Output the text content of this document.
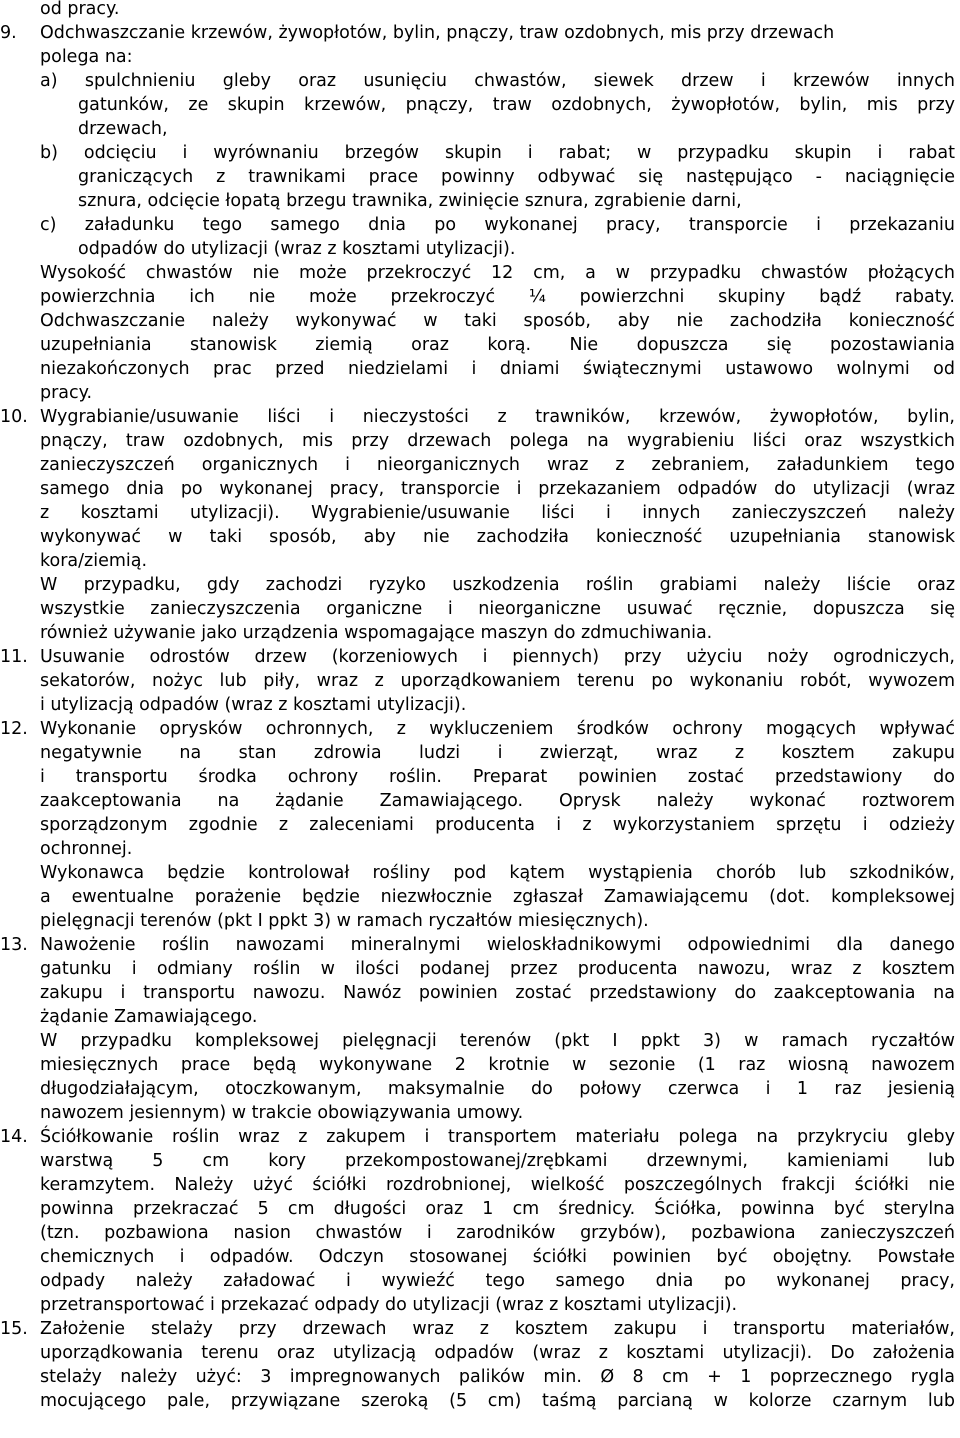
od pracy.
9. Odchwaszczanie krzewów, żywopłotów, bylin, pnączy, traw ozdobnych, mis przy drzewach
polega na:
a) spulchnieniu gleby oraz usunięciu chwastów, siewek drzew i krzewów innych
gatunków, ze skupin krzewów, pnączy, traw ozdobnych, żywopłotów, bylin, mis przy
drzewach,
b) odcięciu i wyrównaniu brzegów skupin i rabat; w przypadku skupin i rabat
graniczących z trawnikami prace powinny odbywać się następująco - naciągnięcie
sznura, odcięcie łopatą brzegu trawnika, zwinięcie sznura, zgrabienie darni,
c) załadunku tego samego dnia po wykonanej pracy, transporcie i przekazaniu
odpadów do utylizacji (wraz z kosztami utylizacji).
Wysokość chwastów nie może przekroczyć 12 cm, a w przypadku chwastów płożących
powierzchnia ich nie może przekroczyć ¼ powierzchni skupiny bądź rabaty.
Odchwaszczanie należy wykonywać w taki sposób, aby nie zachodziła konieczność
uzupełniania stanowisk ziemią oraz korą. Nie dopuszcza się pozostawiania
niezakończonych prac przed niedzielami i dniami świątecznymi ustawowo wolnymi od
pracy.
10. Wygrabianie/usuwanie liści i nieczystości z trawników, krzewów, żywopłotów, bylin,
pnączy, traw ozdobnych, mis przy drzewach polega na wygrabieniu liści oraz wszystkich
zanieczyszczeń organicznych i nieorganicznych wraz z zebraniem, załadunkiem tego
samego dnia po wykonanej pracy, transporcie i przekazaniem odpadów do utylizacji (wraz
z kosztami utylizacji). Wygrabienie/usuwanie liści i innych zanieczyszczeń należy
wykonywać w taki sposób, aby nie zachodziła konieczność uzupełniania stanowisk
kora/ziemią.
W przypadku, gdy zachodzi ryzyko uszkodzenia roślin grabiami należy liście oraz
wszystkie zanieczyszczenia organiczne i nieorganiczne usuwać ręcznie, dopuszcza się
również używanie jako urządzenia wspomagające maszyn do zdmuchiwania.
11. Usuwanie odrostów drzew (korzeniowych i piennych) przy użyciu noży ogrodniczych,
sekatorów, nożyc lub piły, wraz z uporządkowaniem terenu po wykonaniu robót, wywozem
i utylizacją odpadów (wraz z kosztami utylizacji).
12. Wykonanie oprysków ochronnych, z wykluczeniem środków ochrony mogących wpływać
negatywnie na stan zdrowia ludzi i zwierząt, wraz z kosztem zakupu
i transportu środka ochrony roślin. Preparat powinien zostać przedstawiony do
zaakceptowania na żądanie Zamawiającego. Oprysk należy wykonać roztworem
sporządzonym zgodnie z zaleceniami producenta i z wykorzystaniem sprzętu i odzieży
ochronnej.
Wykonawca będzie kontrolował rośliny pod kątem wystąpienia chorób lub szkodników,
a ewentualne porażenie będzie niezwłocznie zgłaszał Zamawiającemu (dot. kompleksowej
pielęgnacji terenów (pkt I ppkt 3) w ramach ryczałtów miesięcznych).
13. Nawożenie roślin nawozami mineralnymi wieloskładnikowymi odpowiednimi dla danego
gatunku i odmiany roślin w ilości podanej przez producenta nawozu, wraz z kosztem
zakupu i transportu nawozu. Nawóz powinien zostać przedstawiony do zaakceptowania na
żądanie Zamawiającego.
W przypadku kompleksowej pielęgnacji terenów (pkt I ppkt 3) w ramach ryczałtów
miesięcznych prace będą wykonywane 2 krotnie w sezonie (1 raz wiosną nawozem
długodziałającym, otoczkowanym, maksymalnie do połowy czerwca i 1 raz jesienią
nawozem jesiennym) w trakcie obowiązywania umowy.
14. Ściółkowanie roślin wraz z zakupem i transportem materiału polega na przykryciu gleby
warstwą 5 cm kory przekompostowanej/zrębkami drzewnymi, kamieniami lub
keramzytem. Należy użyć ściółki rozdrobnionej, wielkość poszczególnych frakcji ściółki nie
powinna przekraczać 5 cm długości oraz 1 cm średnicy. Ściółka, powinna być sterylna
(tzn. pozbawiona nasion chwastów i zarodników grzybów), pozbawiona zanieczyszczeń
chemicznych i odpadów. Odczyn stosowanej ściółki powinien być obojętny. Powstałe
odpady należy załadować i wywieźć tego samego dnia po wykonanej pracy,
przetransportować i przekazać odpady do utylizacji (wraz z kosztami utylizacji).
15. Założenie stelaży przy drzewach wraz z kosztem zakupu i transportu materiałów,
uporządkowania terenu oraz utylizacją odpadów (wraz z kosztami utylizacji). Do założenia
stelaży należy użyć: 3 impregnowanych palików min. Ø 8 cm + 1 poprzecznego rygla
mocującego pale, przywiązane szeroką (5 cm) taśmą parcianą w kolorze czarnym lub
